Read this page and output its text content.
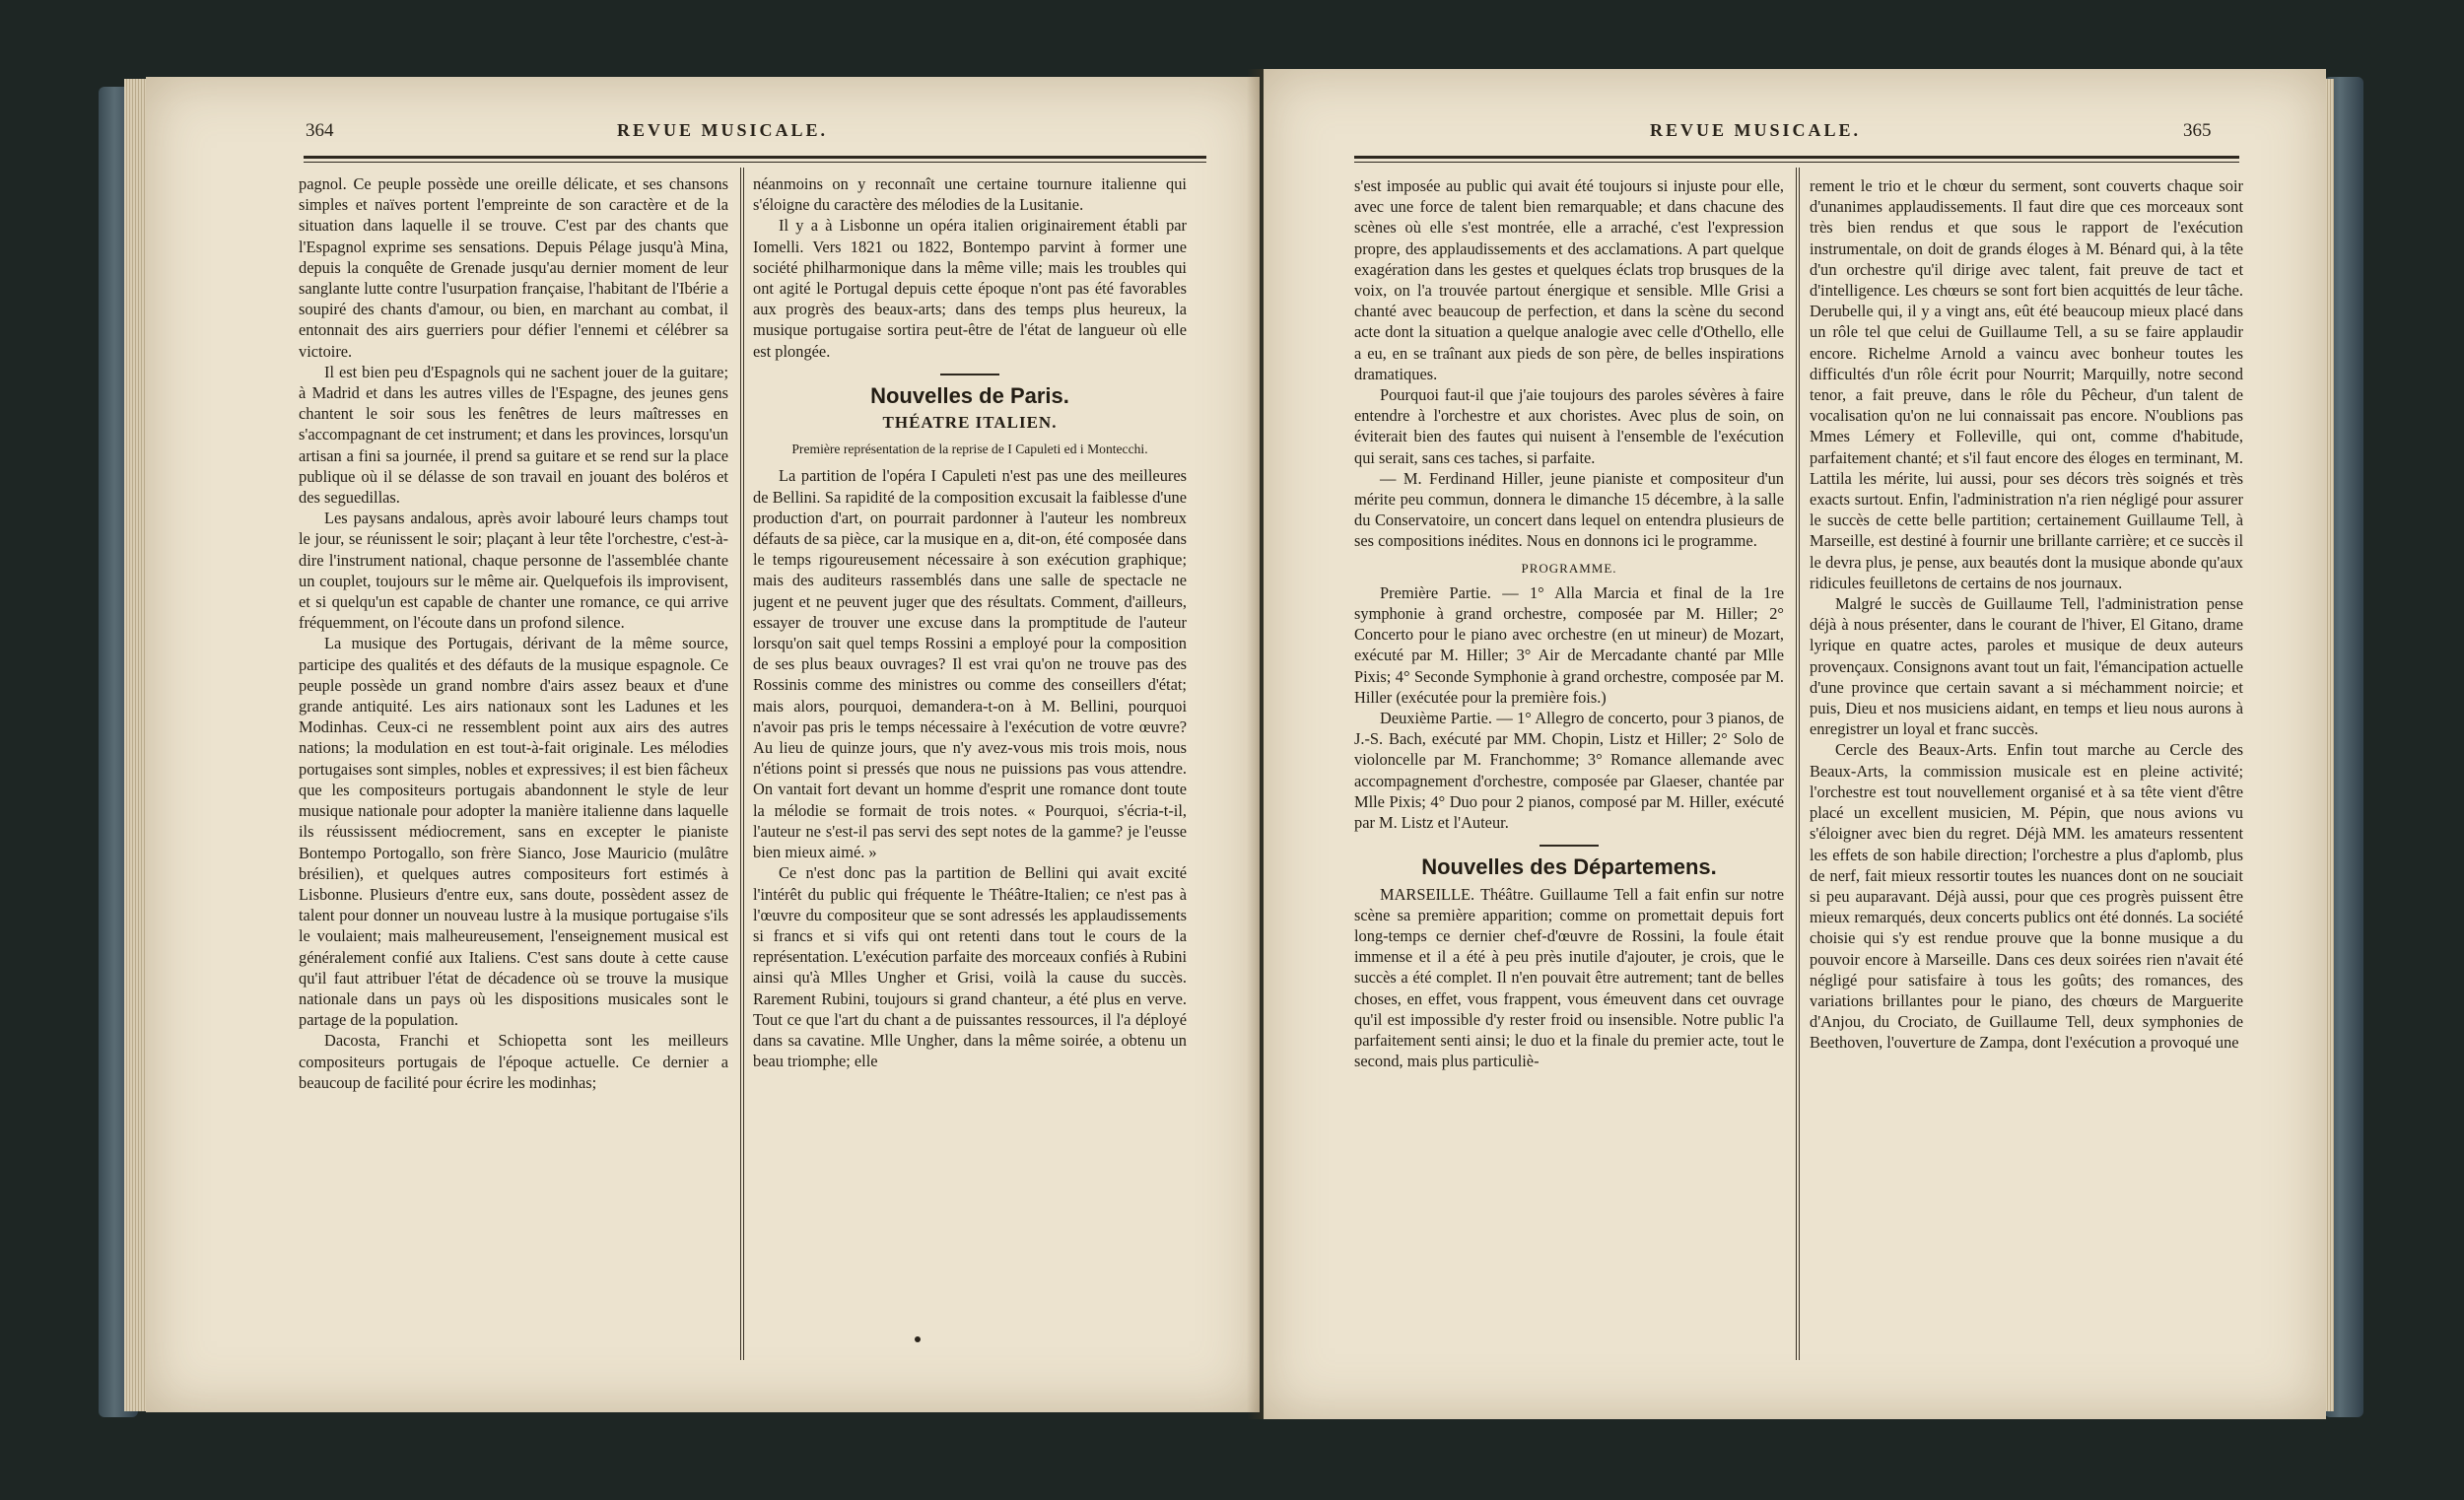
364	REVUE MUSICALE.

pagnol. Ce peuple possède une oreille délicate, et ses chansons simples et naïves portent l'empreinte de son caractère et de la situation dans laquelle il se trouve. C'est par des chants que l'Espagnol exprime ses sensations. Depuis Pélage jusqu'à Mina, depuis la conquête de Grenade jusqu'au dernier moment de leur sanglante lutte contre l'usurpation française, l'habitant de l'Ibérie a soupiré des chants d'amour, ou bien, en marchant au combat, il entonnait des airs guerriers pour défier l'ennemi et célébrer sa victoire.

Il est bien peu d'Espagnols qui ne sachent jouer de la guitare; à Madrid et dans les autres villes de l'Espagne, des jeunes gens chantent le soir sous les fenêtres de leurs maîtresses en s'accompagnant de cet instrument; et dans les provinces, lorsqu'un artisan a fini sa journée, il prend sa guitare et se rend sur la place publique où il se délasse de son travail en jouant des boléros et des seguedillas.

Les paysans andalous, après avoir labouré leurs champs tout le jour, se réunissent le soir; plaçant à leur tête l'orchestre, c'est-à-dire l'instrument national, chaque personne de l'assemblée chante un couplet, toujours sur le même air. Quelquefois ils improvisent, et si quelqu'un est capable de chanter une romance, ce qui arrive fréquemment, on l'écoute dans un profond silence.

La musique des Portugais, dérivant de la même source, participe des qualités et des défauts de la musique espagnole. Ce peuple possède un grand nombre d'airs assez beaux et d'une grande antiquité. Les airs nationaux sont les Ladunes et les Modinhas. Ceux-ci ne ressemblent point aux airs des autres nations; la modulation en est tout-à-fait originale. Les mélodies portugaises sont simples, nobles et expressives; il est bien fâcheux que les compositeurs portugais abandonnent le style de leur musique nationale pour adopter la manière italienne dans laquelle ils réussissent médiocrement, sans en excepter le pianiste Bontempo Portogallo, son frère Sianco, Jose Mauricio (mulâtre brésilien), et quelques autres compositeurs fort estimés à Lisbonne. Plusieurs d'entre eux, sans doute, possèdent assez de talent pour donner un nouveau lustre à la musique portugaise s'ils le voulaient; mais malheureusement, l'enseignement musical est généralement confié aux Italiens. C'est sans doute à cette cause qu'il faut attribuer l'état de décadence où se trouve la musique nationale dans un pays où les dispositions musicales sont le partage de la population.

Dacosta, Franchi et Schiopetta sont les meilleurs compositeurs portugais de l'époque actuelle. Ce dernier a beaucoup de facilité pour écrire les modinhas;

néanmoins on y reconnaît une certaine tournure italienne qui s'éloigne du caractère des mélodies de la Lusitanie.

Il y a à Lisbonne un opéra italien originairement établi par Iomelli. Vers 1821 ou 1822, Bontempo parvint à former une société philharmonique dans la même ville; mais les troubles qui ont agité le Portugal depuis cette époque n'ont pas été favorables aux progrès des beaux-arts; dans des temps plus heureux, la musique portugaise sortira peut-être de l'état de langueur où elle est plongée.

Nouvelles de Paris.

THÉATRE ITALIEN.

Première représentation de la reprise de I Capuleti ed i Montecchi.

La partition de l'opéra I Capuleti n'est pas une des meilleures de Bellini. Sa rapidité de la composition excusait la faiblesse d'une production d'art, on pourrait pardonner à l'auteur les nombreux défauts de sa pièce, car la musique en a, dit-on, été composée dans le temps rigoureusement nécessaire à son exécution graphique; mais des auditeurs rassemblés dans une salle de spectacle ne jugent et ne peuvent juger que des résultats. Comment, d'ailleurs, essayer de trouver une excuse dans la promptitude de l'auteur lorsqu'on sait quel temps Rossini a employé pour la composition de ses plus beaux ouvrages? Il est vrai qu'on ne trouve pas des Rossinis comme des ministres ou comme des conseillers d'état; mais alors, pourquoi, demandera-t-on à M. Bellini, pourquoi n'avoir pas pris le temps nécessaire à l'exécution de votre œuvre? Au lieu de quinze jours, que n'y avez-vous mis trois mois, nous n'étions point si pressés que nous ne puissions pas vous attendre. On vantait fort devant un homme d'esprit une romance dont toute la mélodie se formait de trois notes. « Pourquoi, s'écria-t-il, l'auteur ne s'est-il pas servi des sept notes de la gamme? je l'eusse bien mieux aimé. »

Ce n'est donc pas la partition de Bellini qui avait excité l'intérêt du public qui fréquente le Théâtre-Italien; ce n'est pas à l'œuvre du compositeur que se sont adressés les applaudissements si francs et si vifs qui ont retenti dans tout le cours de la représentation. L'exécution parfaite des morceaux confiés à Rubini ainsi qu'à Mlles Ungher et Grisi, voilà la cause du succès. Rarement Rubini, toujours si grand chanteur, a été plus en verve. Tout ce que l'art du chant a de puissantes ressources, il l'a déployé dans sa cavatine. Mlle Ungher, dans la même soirée, a obtenu un beau triomphe; elle

REVUE MUSICALE.	365

s'est imposée au public qui avait été toujours si injuste pour elle, avec une force de talent bien remarquable; et dans chacune des scènes où elle s'est montrée, elle a arraché, c'est l'expression propre, des applaudissements et des acclamations. A part quelque exagération dans les gestes et quelques éclats trop brusques de la voix, on l'a trouvée partout énergique et sensible. Mlle Grisi a chanté avec beaucoup de perfection, et dans la scène du second acte dont la situation a quelque analogie avec celle d'Othello, elle a eu, en se traînant aux pieds de son père, de belles inspirations dramatiques.

Pourquoi faut-il que j'aie toujours des paroles sévères à faire entendre à l'orchestre et aux choristes. Avec plus de soin, on éviterait bien des fautes qui nuisent à l'ensemble de l'exécution qui serait, sans ces taches, si parfaite.

— M. Ferdinand Hiller, jeune pianiste et compositeur d'un mérite peu commun, donnera le dimanche 15 décembre, à la salle du Conservatoire, un concert dans lequel on entendra plusieurs de ses compositions inédites. Nous en donnons ici le programme.

PROGRAMME.

Première Partie. — 1° Alla Marcia et final de la 1re symphonie à grand orchestre, composée par M. Hiller; 2° Concerto pour le piano avec orchestre (en ut mineur) de Mozart, exécuté par M. Hiller; 3° Air de Mercadante chanté par Mlle Pixis; 4° Seconde Symphonie à grand orchestre, composée par M. Hiller (exécutée pour la première fois.)

Deuxième Partie. — 1° Allegro de concerto, pour 3 pianos, de J.-S. Bach, exécuté par MM. Chopin, Listz et Hiller; 2° Solo de violoncelle par M. Franchomme; 3° Romance allemande avec accompagnement d'orchestre, composée par Glaeser, chantée par Mlle Pixis; 4° Duo pour 2 pianos, composé par M. Hiller, exécuté par M. Listz et l'Auteur.

Nouvelles des Départemens.

MARSEILLE. Théâtre. Guillaume Tell a fait enfin sur notre scène sa première apparition; comme on promettait depuis fort long-temps ce dernier chef-d'œuvre de Rossini, la foule était immense et il a été à peu près inutile d'ajouter, je crois, que le succès a été complet. Il n'en pouvait être autrement; tant de belles choses, en effet, vous frappent, vous émeuvent dans cet ouvrage qu'il est impossible d'y rester froid ou insensible. Notre public l'a parfaitement senti ainsi; le duo et la finale du premier acte, tout le second, mais plus particuliè-

rement le trio et le chœur du serment, sont couverts chaque soir d'unanimes applaudissements. Il faut dire que ces morceaux sont très bien rendus et que sous le rapport de l'exécution instrumentale, on doit de grands éloges à M. Bénard qui, à la tête d'un orchestre qu'il dirige avec talent, fait preuve de tact et d'intelligence. Les chœurs se sont fort bien acquittés de leur tâche. Derubelle qui, il y a vingt ans, eût été beaucoup mieux placé dans un rôle tel que celui de Guillaume Tell, a su se faire applaudir encore. Richelme Arnold a vaincu avec bonheur toutes les difficultés d'un rôle écrit pour Nourrit; Marquilly, notre second tenor, a fait preuve, dans le rôle du Pêcheur, d'un talent de vocalisation qu'on ne lui connaissait pas encore. N'oublions pas Mmes Lémery et Folleville, qui ont, comme d'habitude, parfaitement chanté; et s'il faut encore des éloges en terminant, M. Lattila les mérite, lui aussi, pour ses décors très soignés et très exacts surtout. Enfin, l'administration n'a rien négligé pour assurer le succès de cette belle partition; certainement Guillaume Tell, à Marseille, est destiné à fournir une brillante carrière; et ce succès il le devra plus, je pense, aux beautés dont la musique abonde qu'aux ridicules feuilletons de certains de nos journaux.

Malgré le succès de Guillaume Tell, l'administration pense déjà à nous présenter, dans le courant de l'hiver, El Gitano, drame lyrique en quatre actes, paroles et musique de deux auteurs provençaux. Consignons avant tout un fait, l'émancipation actuelle d'une province que certain savant a si méchamment noircie; et puis, Dieu et nos musiciens aidant, en temps et lieu nous aurons à enregistrer un loyal et franc succès.

Cercle des Beaux-Arts. Enfin tout marche au Cercle des Beaux-Arts, la commission musicale est en pleine activité; l'orchestre est tout nouvellement organisé et à sa tête vient d'être placé un excellent musicien, M. Pépin, que nous avions vu s'éloigner avec bien du regret. Déjà MM. les amateurs ressentent les effets de son habile direction; l'orchestre a plus d'aplomb, plus de nerf, fait mieux ressortir toutes les nuances dont on ne souciait si peu auparavant. Déjà aussi, pour que ces progrès puissent être mieux remarqués, deux concerts publics ont été donnés. La société choisie qui s'y est rendue prouve que la bonne musique a du pouvoir encore à Marseille. Dans ces deux soirées rien n'avait été négligé pour satisfaire à tous les goûts; des romances, des variations brillantes pour le piano, des chœurs de Marguerite d'Anjou, du Crociato, de Guillaume Tell, deux symphonies de Beethoven, l'ouverture de Zampa, dont l'exécution a provoqué une
